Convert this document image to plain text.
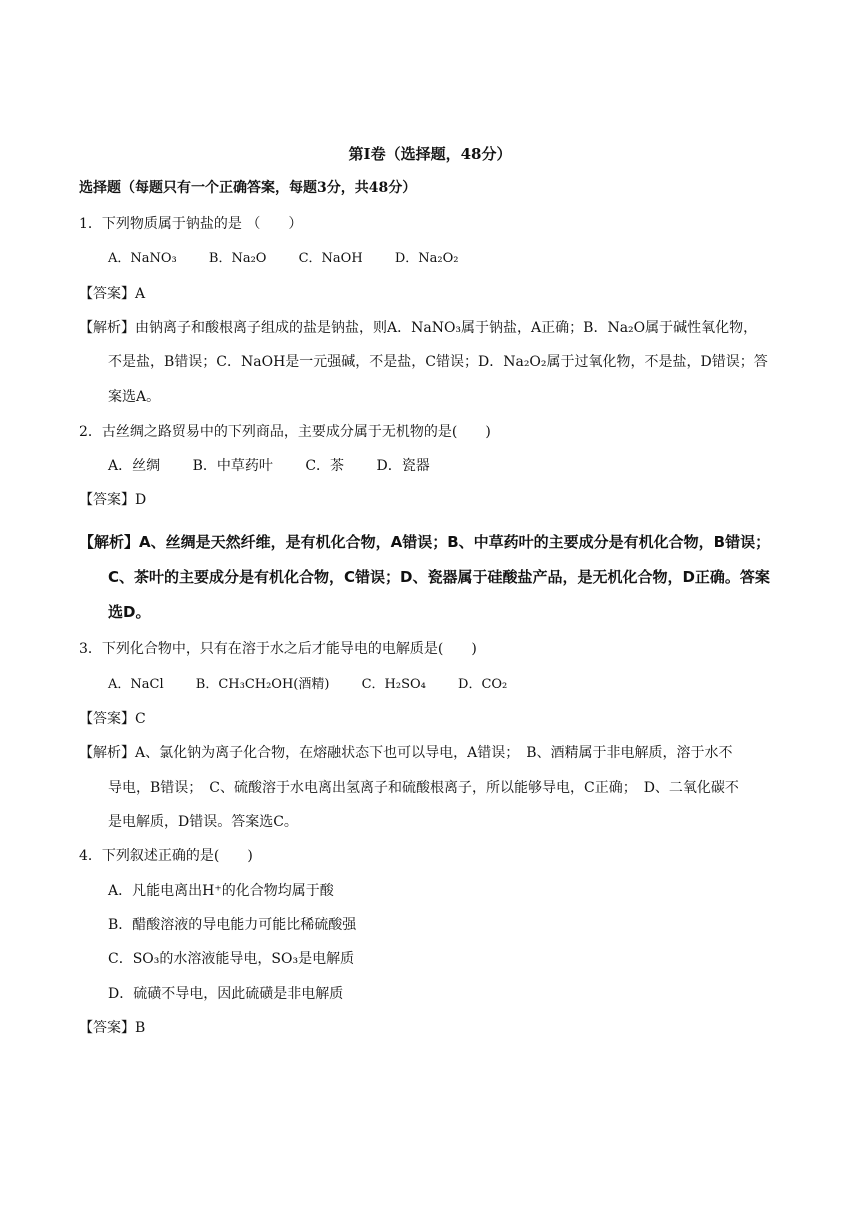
第Ⅰ卷（选择题，48分）
选择题（每题只有一个正确答案，每题3分，共48分）
1．下列物质属于钠盐的是 （　　）
A．NaNO₃ B．Na₂O C．NaOH D．Na₂O₂
【答案】A
【解析】由钠离子和酸根离子组成的盐是钠盐，则A．NaNO₃属于钠盐，A正确；B．Na₂O属于碱性氧化物，
不是盐，B错误；C．NaOH是一元强碱，不是盐，C错误；D．Na₂O₂属于过氧化物，不是盐，D错误；答
案选A。
2．古丝绸之路贸易中的下列商品，主要成分属于无机物的是(　　)
A．丝绸 B．中草药叶 C．茶 D．瓷器
【答案】D
【解析】A、丝绸是天然纤维，是有机化合物，A错误；B、中草药叶的主要成分是有机化合物，B错误；
C、茶叶的主要成分是有机化合物，C错误；D、瓷器属于硅酸盐产品，是无机化合物，D正确。答案
选D。
3．下列化合物中，只有在溶于水之后才能导电的电解质是(　　)
A．NaCl B．CH₃CH₂OH(酒精) C．H₂SO₄ D．CO₂
【答案】C
【解析】A、氯化钠为离子化合物，在熔融状态下也可以导电，A错误；　B、酒精属于非电解质，溶于水不
导电，B错误；　C、硫酸溶于水电离出氢离子和硫酸根离子，所以能够导电，C正确；　D、二氧化碳不
是电解质，D错误。答案选C。
4．下列叙述正确的是(　　)
A．凡能电离出H⁺的化合物均属于酸
B．醋酸溶液的导电能力可能比稀硫酸强
C．SO₃的水溶液能导电，SO₃是电解质
D．硫磺不导电，因此硫磺是非电解质
【答案】B
